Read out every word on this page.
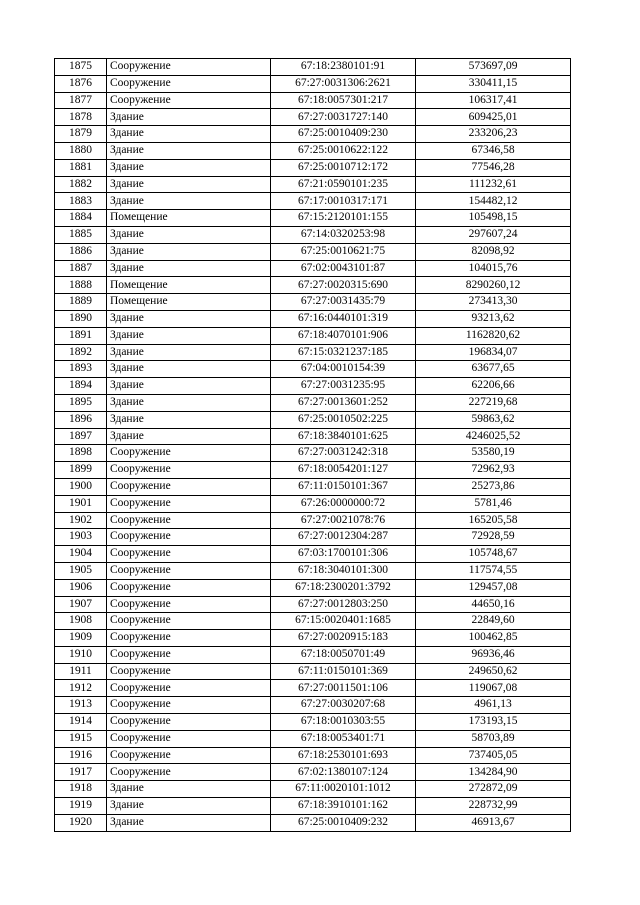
1875	Сооружение	67:18:2380101:91	573697,09
1876	Сооружение	67:27:0031306:2621	330411,15
1877	Сооружение	67:18:0057301:217	106317,41
1878	Здание	67:27:0031727:140	609425,01
1879	Здание	67:25:0010409:230	233206,23
1880	Здание	67:25:0010622:122	67346,58
1881	Здание	67:25:0010712:172	77546,28
1882	Здание	67:21:0590101:235	111232,61
1883	Здание	67:17:0010317:171	154482,12
1884	Помещение	67:15:2120101:155	105498,15
1885	Здание	67:14:0320253:98	297607,24
1886	Здание	67:25:0010621:75	82098,92
1887	Здание	67:02:0043101:87	104015,76
1888	Помещение	67:27:0020315:690	8290260,12
1889	Помещение	67:27:0031435:79	273413,30
1890	Здание	67:16:0440101:319	93213,62
1891	Здание	67:18:4070101:906	1162820,62
1892	Здание	67:15:0321237:185	196834,07
1893	Здание	67:04:0010154:39	63677,65
1894	Здание	67:27:0031235:95	62206,66
1895	Здание	67:27:0013601:252	227219,68
1896	Здание	67:25:0010502:225	59863,62
1897	Здание	67:18:3840101:625	4246025,52
1898	Сооружение	67:27:0031242:318	53580,19
1899	Сооружение	67:18:0054201:127	72962,93
1900	Сооружение	67:11:0150101:367	25273,86
1901	Сооружение	67:26:0000000:72	5781,46
1902	Сооружение	67:27:0021078:76	165205,58
1903	Сооружение	67:27:0012304:287	72928,59
1904	Сооружение	67:03:1700101:306	105748,67
1905	Сооружение	67:18:3040101:300	117574,55
1906	Сооружение	67:18:2300201:3792	129457,08
1907	Сооружение	67:27:0012803:250	44650,16
1908	Сооружение	67:15:0020401:1685	22849,60
1909	Сооружение	67:27:0020915:183	100462,85
1910	Сооружение	67:18:0050701:49	96936,46
1911	Сооружение	67:11:0150101:369	249650,62
1912	Сооружение	67:27:0011501:106	119067,08
1913	Сооружение	67:27:0030207:68	4961,13
1914	Сооружение	67:18:0010303:55	173193,15
1915	Сооружение	67:18:0053401:71	58703,89
1916	Сооружение	67:18:2530101:693	737405,05
1917	Сооружение	67:02:1380107:124	134284,90
1918	Здание	67:11:0020101:1012	272872,09
1919	Здание	67:18:3910101:162	228732,99
1920	Здание	67:25:0010409:232	46913,67
